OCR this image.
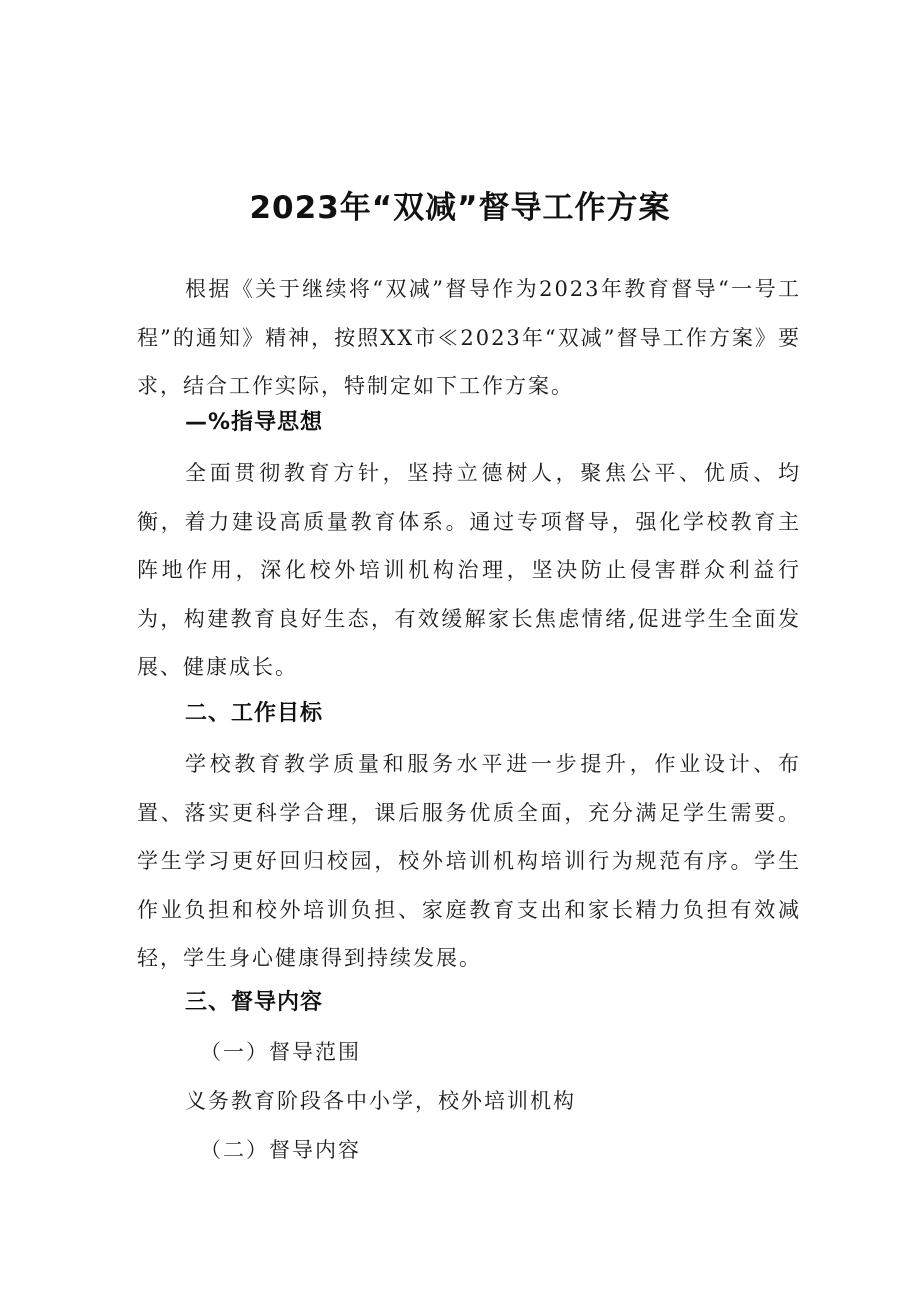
2023年“双减”督导工作方案

根据《关于继续将“双减”督导作为2023年教育督导“一号工程”的通知》精神，按照XX市≪2023年“双减”督导工作方案》要求，结合工作实际，特制定如下工作方案。

—%指导思想

全面贯彻教育方针，坚持立德树人，聚焦公平、优质、均衡，着力建设高质量教育体系。通过专项督导，强化学校教育主阵地作用，深化校外培训机构治理，坚决防止侵害群众利益行为，构建教育良好生态，有效缓解家长焦虑情绪,促进学生全面发展、健康成长。

二、工作目标

学校教育教学质量和服务水平进一步提升，作业设计、布置、落实更科学合理，课后服务优质全面，充分满足学生需要。学生学习更好回归校园，校外培训机构培训行为规范有序。学生作业负担和校外培训负担、家庭教育支出和家长精力负担有效减轻，学生身心健康得到持续发展。

三、督导内容

（一）督导范围

义务教育阶段各中小学，校外培训机构

（二）督导内容
